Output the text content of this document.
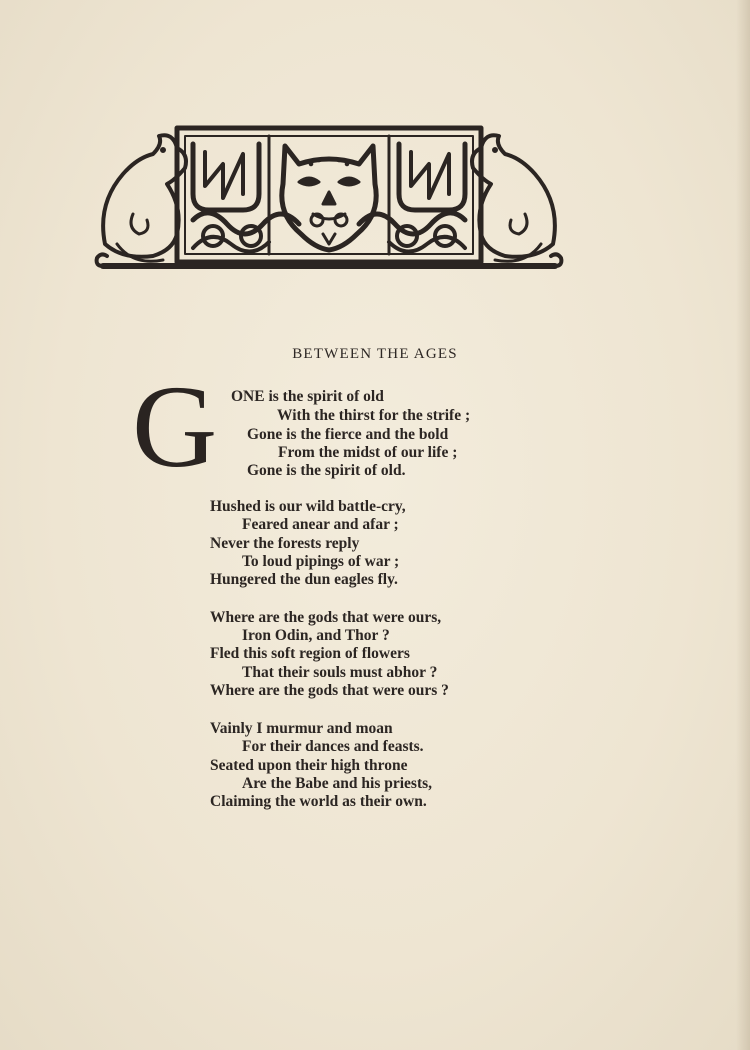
BETWEEN THE AGES
G ONE is the spirit of old
With the thirst for the strife ;
Gone is the fierce and the bold
From the midst of our life ;
Gone is the spirit of old.
Hushed is our wild battle-cry,
Feared anear and afar ;
Never the forests reply
To loud pipings of war ;
Hungered the dun eagles fly.
Where are the gods that were ours,
Iron Odin, and Thor ?
Fled this soft region of flowers
That their souls must abhor ?
Where are the gods that were ours ?
Vainly I murmur and moan
For their dances and feasts.
Seated upon their high throne
Are the Babe and his priests,
Claiming the world as their own.
